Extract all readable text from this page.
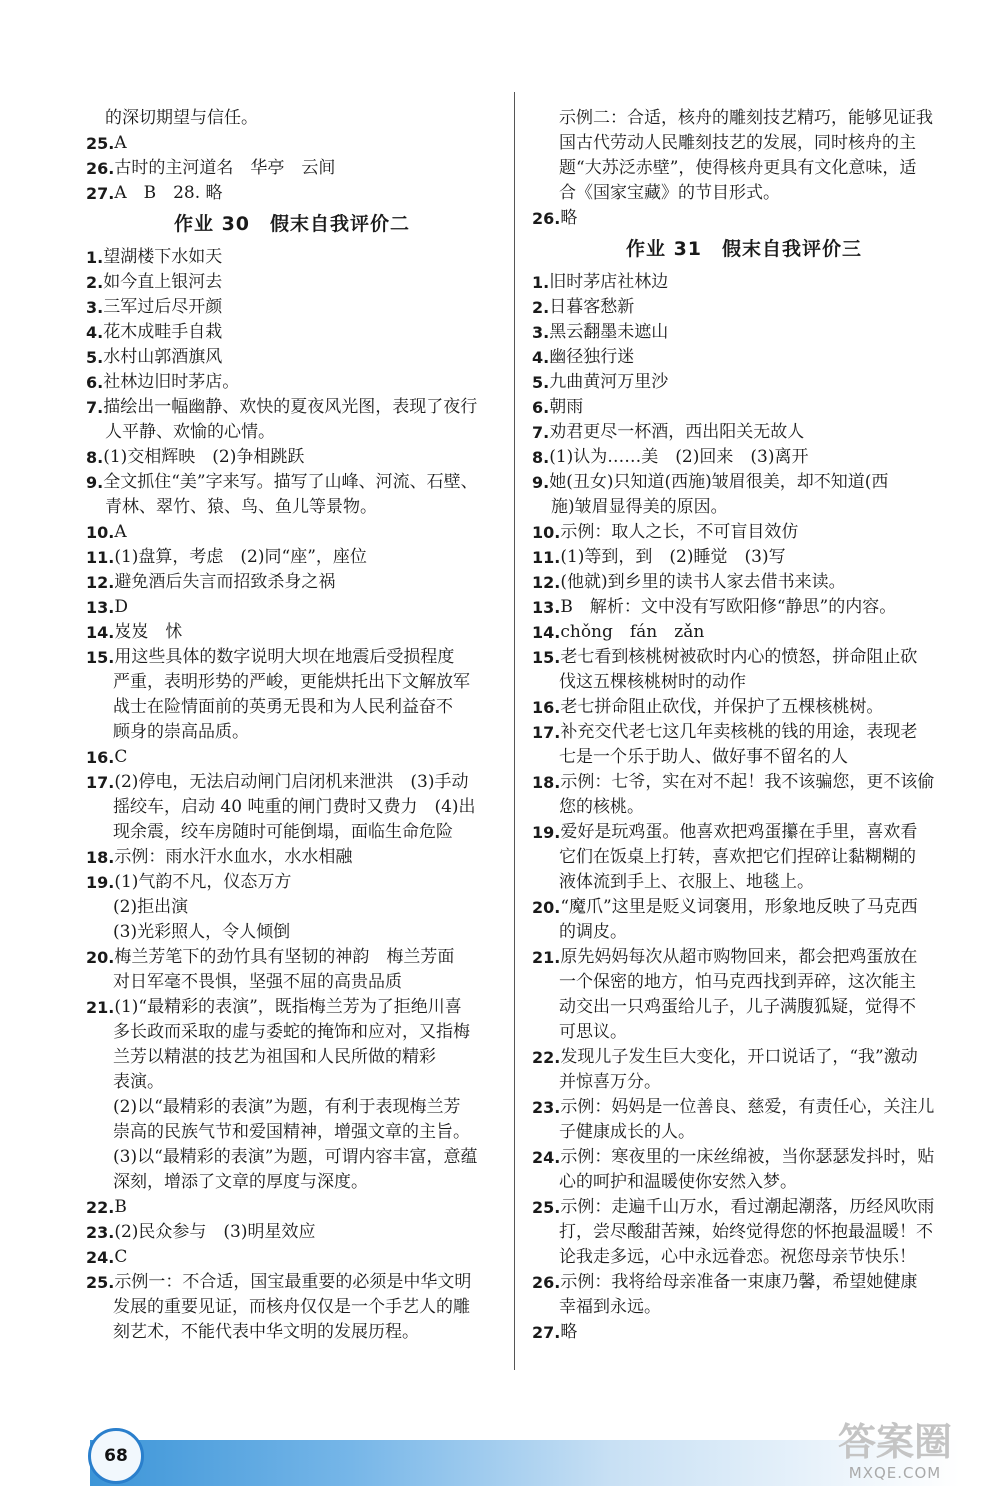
的深切期望与信任。
25. A
26. 古时的主河道名　华亭　云间
27. A　B　28. 略
作业 30　假末自我评价二
1. 望湖楼下水如天
2. 如今直上银河去
3. 三军过后尽开颜
4. 花木成畦手自栽
5. 水村山郭酒旗风
6. 社林边旧时茅店。
7. 描绘出一幅幽静、欢快的夏夜风光图，表现了夜行
人平静、欢愉的心情。
8. (1)交相辉映　(2)争相跳跃
9. 全文抓住“美”字来写。描写了山峰、河流、石壁、
青林、翠竹、猿、鸟、鱼儿等景物。
10. A
11. (1)盘算，考虑　(2)同“座”，座位
12. 避免酒后失言而招致杀身之祸
13. D
14. 岌岌　怵
15. 用这些具体的数字说明大坝在地震后受损程度
严重，表明形势的严峻，更能烘托出下文解放军
战士在险情面前的英勇无畏和为人民利益奋不
顾身的崇高品质。
16. C
17. (2)停电，无法启动闸门启闭机来泄洪　(3)手动
摇绞车，启动 40 吨重的闸门费时又费力　(4)出
现余震，绞车房随时可能倒塌，面临生命危险
18. 示例：雨水汗水血水，水水相融
19. (1)气韵不凡，仪态万方
(2)拒出演
(3)光彩照人，令人倾倒
20. 梅兰芳笔下的劲竹具有坚韧的神韵　梅兰芳面
对日军毫不畏惧，坚强不屈的高贵品质
21. (1)“最精彩的表演”，既指梅兰芳为了拒绝川喜
多长政而采取的虚与委蛇的掩饰和应对，又指梅
兰芳以精湛的技艺为祖国和人民所做的精彩
表演。
(2)以“最精彩的表演”为题，有利于表现梅兰芳
崇高的民族气节和爱国精神，增强文章的主旨。
(3)以“最精彩的表演”为题，可谓内容丰富，意蕴
深刻，增添了文章的厚度与深度。
22. B
23. (2)民众参与　(3)明星效应
24. C
25. 示例一：不合适，国宝最重要的必须是中华文明
发展的重要见证，而核舟仅仅是一个手艺人的雕
刻艺术，不能代表中华文明的发展历程。
示例二：合适，核舟的雕刻技艺精巧，能够见证我
国古代劳动人民雕刻技艺的发展，同时核舟的主
题“大苏泛赤壁”，使得核舟更具有文化意味，适
合《国家宝藏》的节目形式。
26. 略
作业 31　假末自我评价三
1. 旧时茅店社林边
2. 日暮客愁新
3. 黑云翻墨未遮山
4. 幽径独行迷
5. 九曲黄河万里沙
6. 朝雨
7. 劝君更尽一杯酒，西出阳关无故人
8. (1)认为……美　(2)回来　(3)离开
9. 她(丑女)只知道(西施)皱眉很美，却不知道(西
施)皱眉显得美的原因。
10. 示例：取人之长，不可盲目效仿
11. (1)等到，到　(2)睡觉　(3)写
12. (他就)到乡里的读书人家去借书来读。
13. B　解析：文中没有写欧阳修“静思”的内容。
14. chǒng　fán　zǎn
15. 老七看到核桃树被砍时内心的愤怒，拼命阻止砍
伐这五棵核桃树时的动作
16. 老七拼命阻止砍伐，并保护了五棵核桃树。
17. 补充交代老七这几年卖核桃的钱的用途，表现老
七是一个乐于助人、做好事不留名的人
18. 示例：七爷，实在对不起！我不该骗您，更不该偷
您的核桃。
19. 爱好是玩鸡蛋。他喜欢把鸡蛋攥在手里，喜欢看
它们在饭桌上打转，喜欢把它们捏碎让黏糊糊的
液体流到手上、衣服上、地毯上。
20. “魔爪”这里是贬义词褒用，形象地反映了马克西
的调皮。
21. 原先妈妈每次从超市购物回来，都会把鸡蛋放在
一个保密的地方，怕马克西找到弄碎，这次能主
动交出一只鸡蛋给儿子，儿子满腹狐疑，觉得不
可思议。
22. 发现儿子发生巨大变化，开口说话了，“我”激动
并惊喜万分。
23. 示例：妈妈是一位善良、慈爱，有责任心，关注儿
子健康成长的人。
24. 示例：寒夜里的一床丝绵被，当你瑟瑟发抖时，贴
心的呵护和温暖使你安然入梦。
25. 示例：走遍千山万水，看过潮起潮落，历经风吹雨
打，尝尽酸甜苦辣，始终觉得您的怀抱最温暖！不
论我走多远，心中永远眷恋。祝您母亲节快乐！
26. 示例：我将给母亲准备一束康乃馨，希望她健康
幸福到永远。
27. 略
68	答案圈
MXQE.COM
